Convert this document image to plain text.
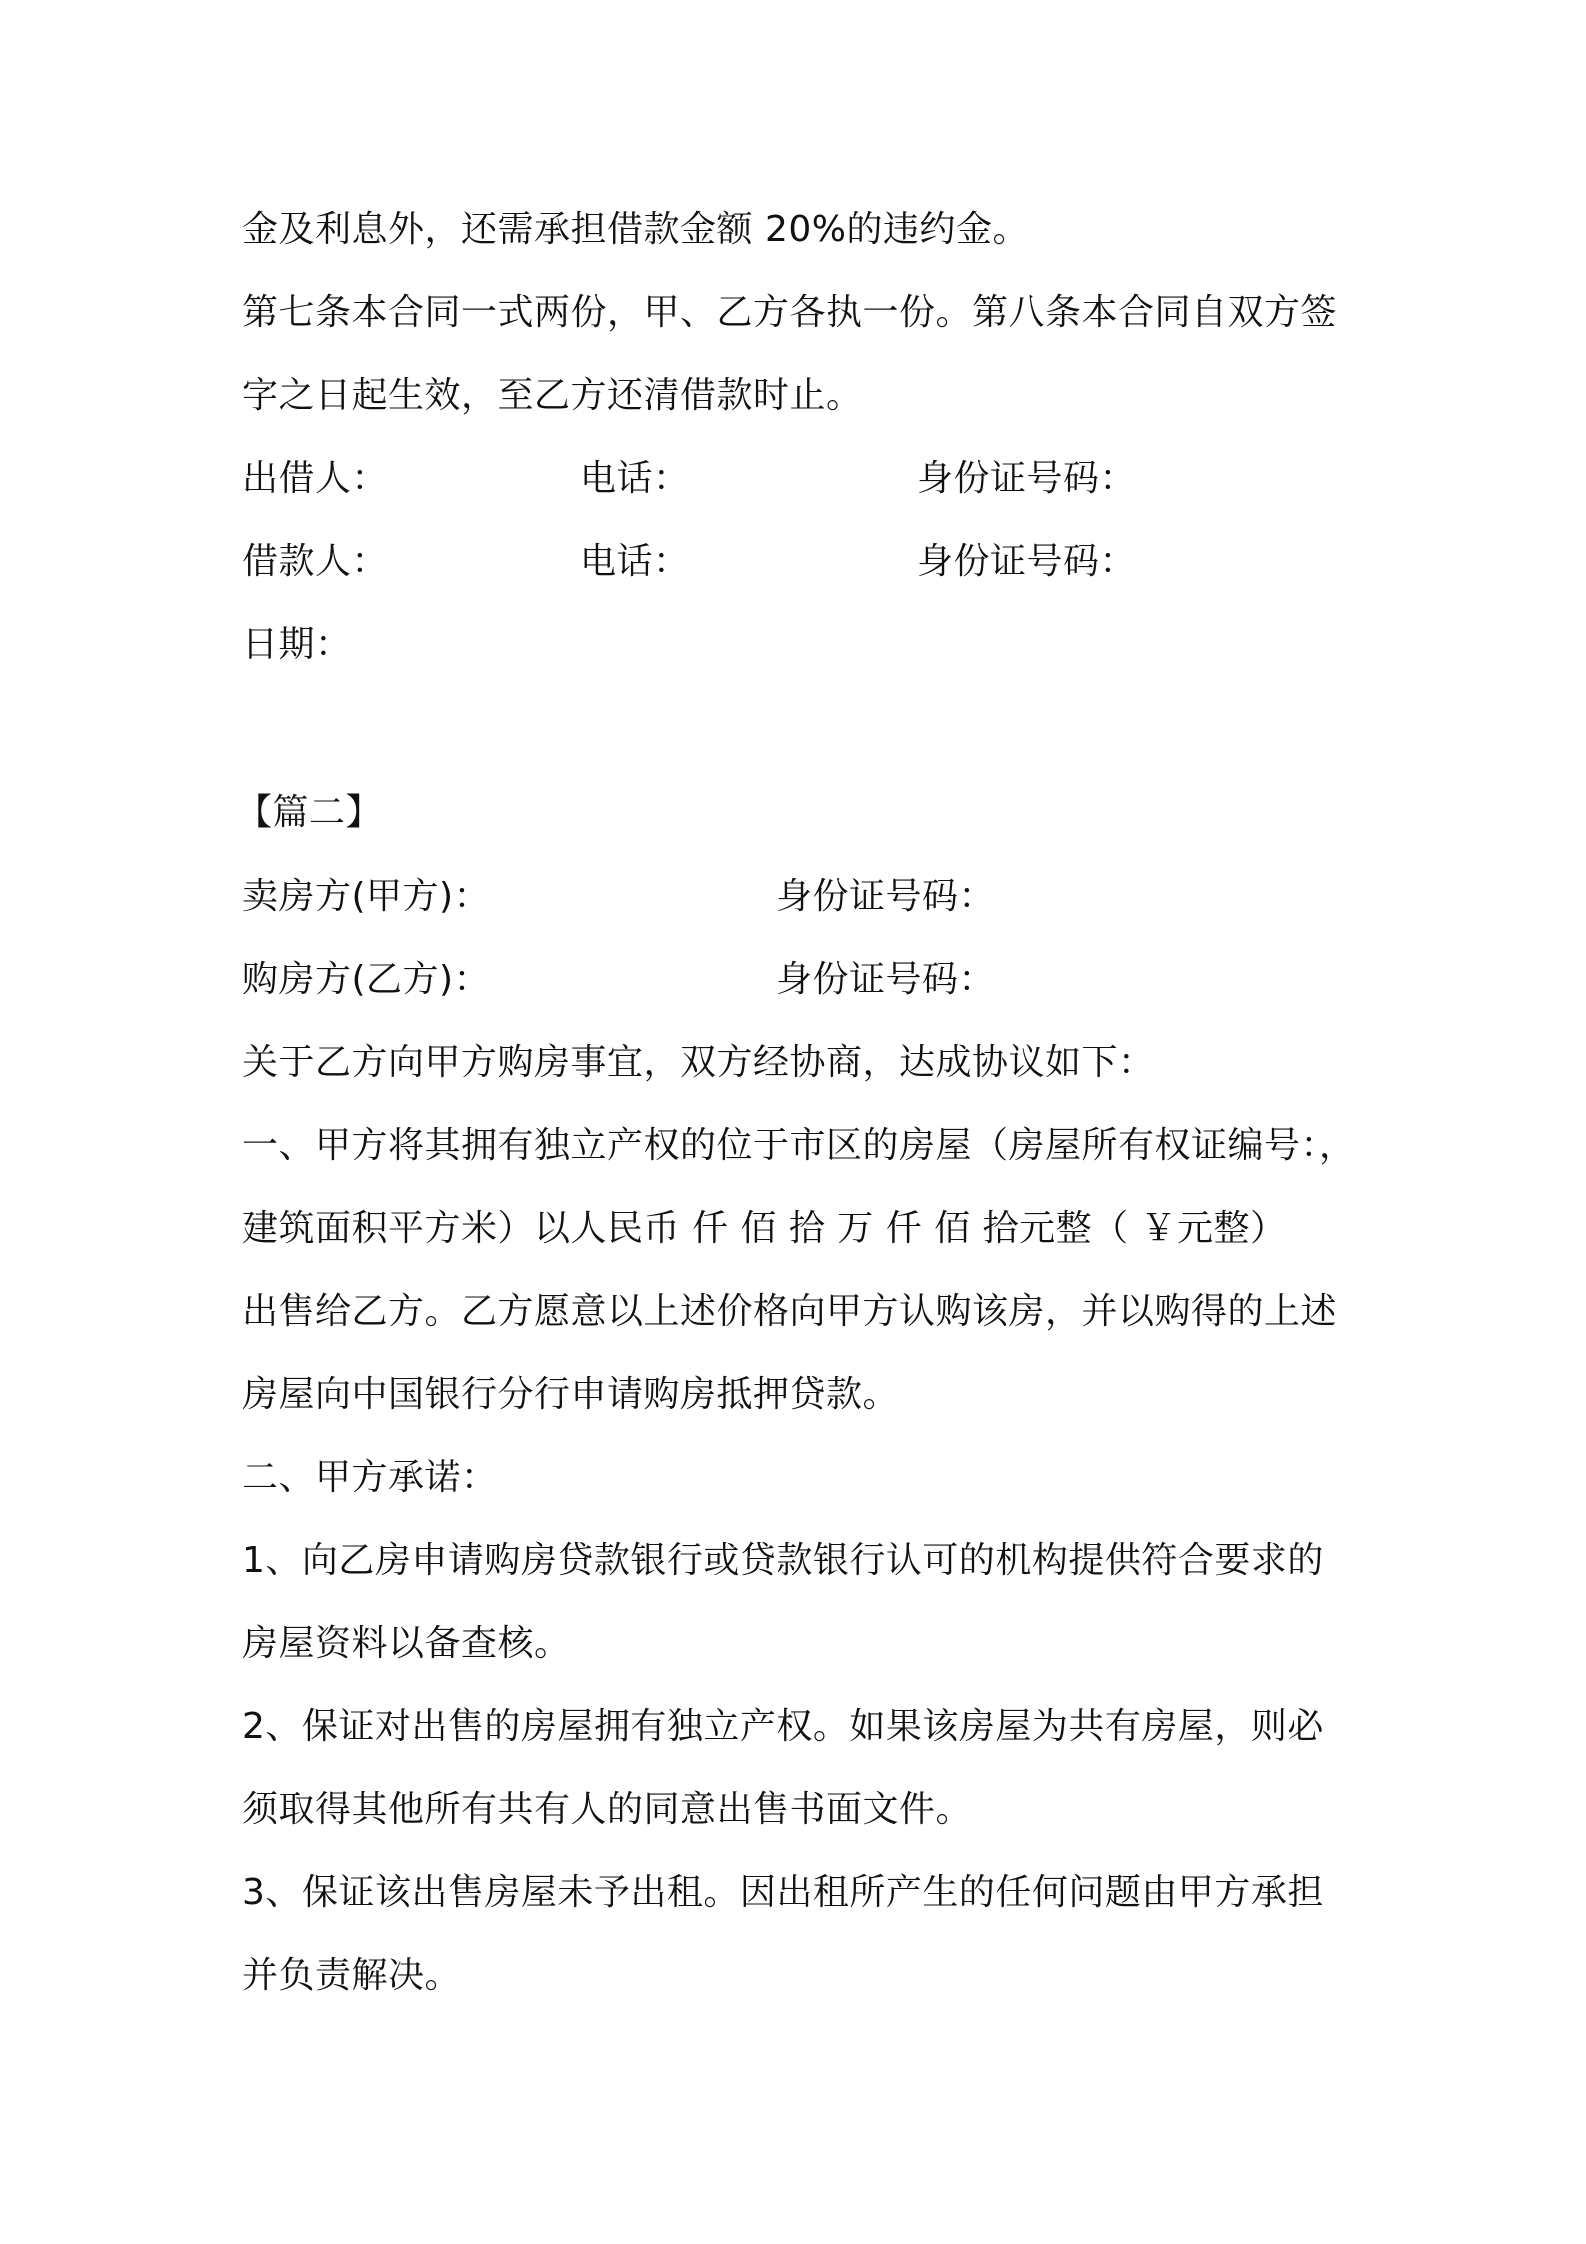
金及利息外，还需承担借款金额 20%的违约金。

第七条本合同一式两份，甲、乙方各执一份。第八条本合同自双方签

字之日起生效，至乙方还清借款时止。

出借人：	电话：	身份证号码：
借款人：	电话：	身份证号码：

日期：

【篇二】

卖房方(甲方)：	身份证号码：
购房方(乙方)：	身份证号码：

关于乙方向甲方购房事宜，双方经协商，达成协议如下：

一、甲方将其拥有独立产权的位于市区的房屋（房屋所有权证编号：，

建筑面积平方米）以人民币 仟 佰 拾 万 仟 佰 拾元整（ ￥元整）

出售给乙方。乙方愿意以上述价格向甲方认购该房，并以购得的上述

房屋向中国银行分行申请购房抵押贷款。

二、甲方承诺：

1、向乙房申请购房贷款银行或贷款银行认可的机构提供符合要求的

房屋资料以备查核。

2、保证对出售的房屋拥有独立产权。如果该房屋为共有房屋，则必

须取得其他所有共有人的同意出售书面文件。

3、保证该出售房屋未予出租。因出租所产生的任何问题由甲方承担

并负责解决。
